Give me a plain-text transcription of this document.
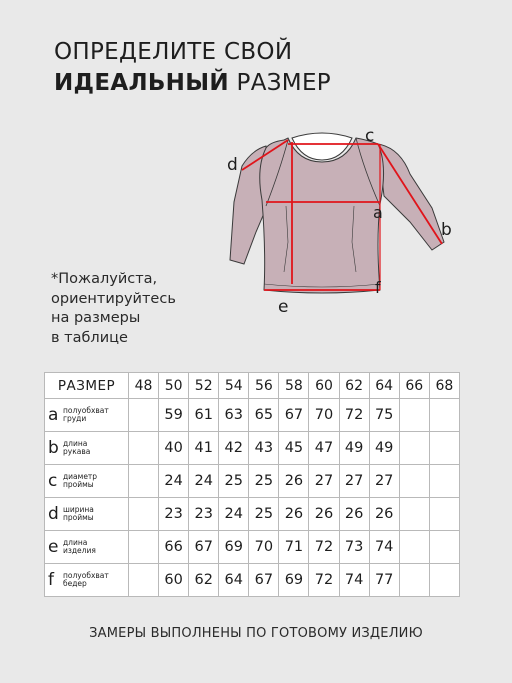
ОПРЕДЕЛИТЕ СВОЙ
ИДЕАЛЬНЫЙ РАЗМЕР
*Пожалуйста,
ориентируйтесь
на размеры
в таблице
d
c
a
b
f
e
РАЗМЕР	48	50	52	54	56	58	60	62	64	66	68

a полуобхват
груди		59	61	63	65	67	70	72	75		

b длина
рукава		40	41	42	43	45	47	49	49		

c диаметр
проймы		24	24	25	25	26	27	27	27		

d ширина
проймы		23	23	24	25	26	26	26	26		

e длина
изделия		66	67	69	70	71	72	73	74		

f полуобхват
бедер		60	62	64	67	69	72	74	77		
ЗАМЕРЫ ВЫПОЛНЕНЫ ПО ГОТОВОМУ ИЗДЕЛИЮ
